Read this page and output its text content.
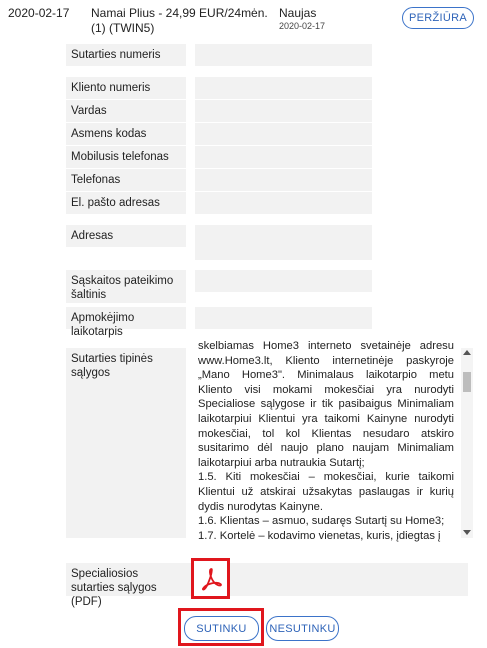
2020-02-17 Namai Plius - 24,99 EUR/24mėn. (1) (TWIN5)
Naujas
2020-02-17
PERŽIŪRA
Sutarties numeris
Kliento numeris
Vardas
Asmens kodas
Mobilusis telefonas
Telefonas
El. pašto adresas
Adresas
Sąskaitos pateikimo šaltinis
Apmokėjimo laikotarpis
Sutarties tipinės sąlygos
skelbiamas Home3 interneto svetainėje adresu www.Home3.lt, Kliento internetinėje paskyroje „Mano Home3". Minimalaus laikotarpio metu Kliento visi mokami mokesčiai yra nurodyti Specialiose sąlygose ir tik pasibaigus Minimaliam laikotarpiui Klientui yra taikomi Kainyne nurodyti mokesčiai, tol kol Klientas nesudaro atskiro susitarimo dėl naujo plano naujam Minimaliam laikotarpiui arba nutraukia Sutartį;
1.5. Kiti mokesčiai – mokesčiai, kurie taikomi Klientui už atskirai užsakytas paslaugas ir kurių dydis nurodytas Kainyne.
1.6. Klientas – asmuo, sudaręs Sutartį su Home3;
1.7. Kortelė – kodavimo vienetas, kuris, įdiegtas į
Specialiosios sutarties sąlygos (PDF)
SUTINKU	NESUTINKU
